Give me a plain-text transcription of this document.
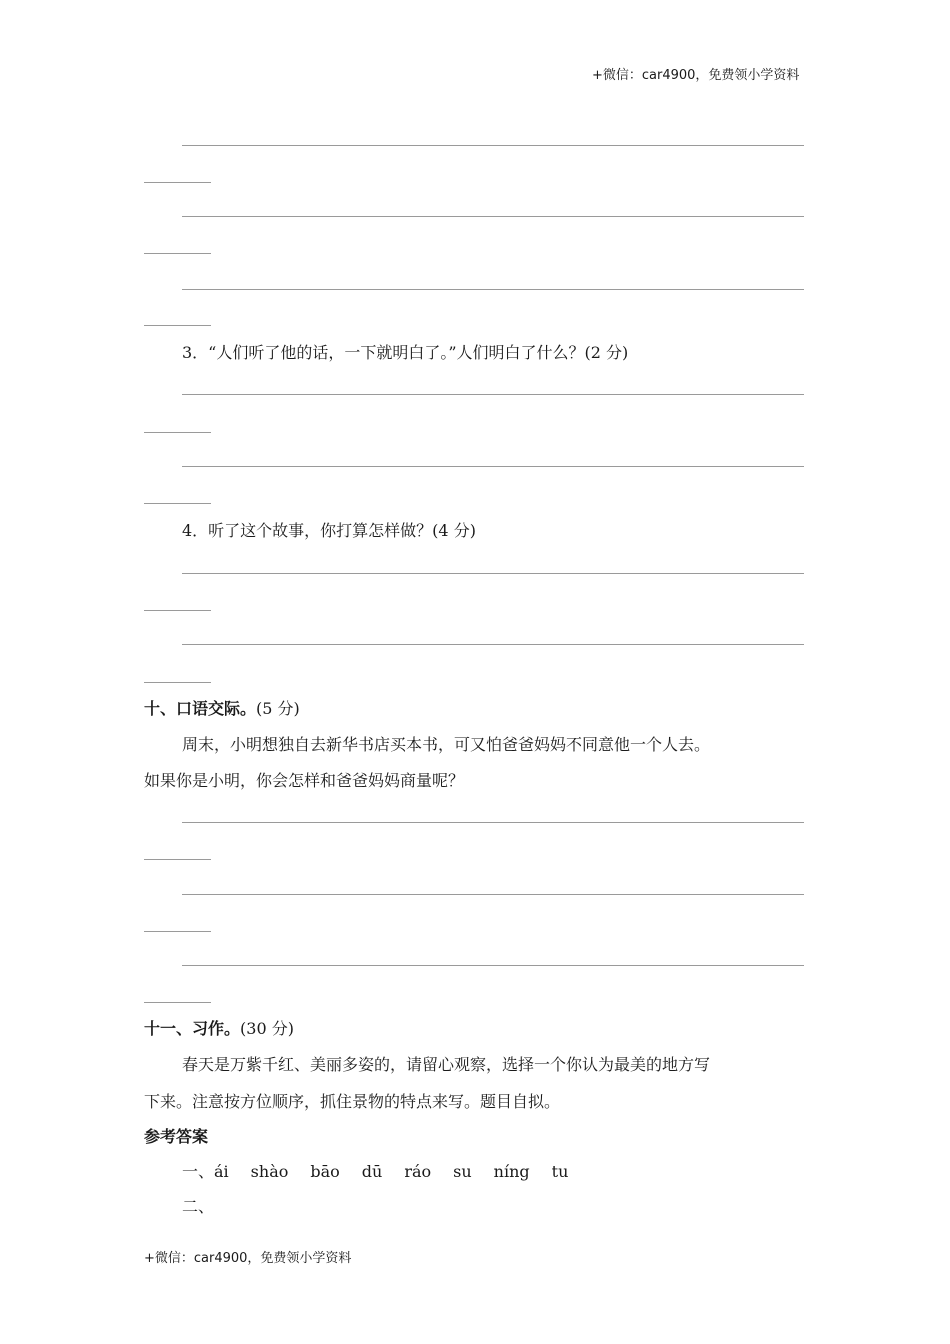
+微信：car4900，免费领小学资料
3．“人们听了他的话，一下就明白了。”人们明白了什么？(2 分)
4．听了这个故事，你打算怎样做？(4 分)
十、口语交际。(5 分)
周末，小明想独自去新华书店买本书，可又怕爸爸妈妈不同意他一个人去。
如果你是小明，你会怎样和爸爸妈妈商量呢？
十一、习作。(30 分)
春天是万紫千红、美丽多姿的，请留心观察，选择一个你认为最美的地方写
下来。注意按方位顺序，抓住景物的特点来写。题目自拟。
参考答案
一、ái shào bāo dū ráo su níng tu
二、
+微信：car4900，免费领小学资料
